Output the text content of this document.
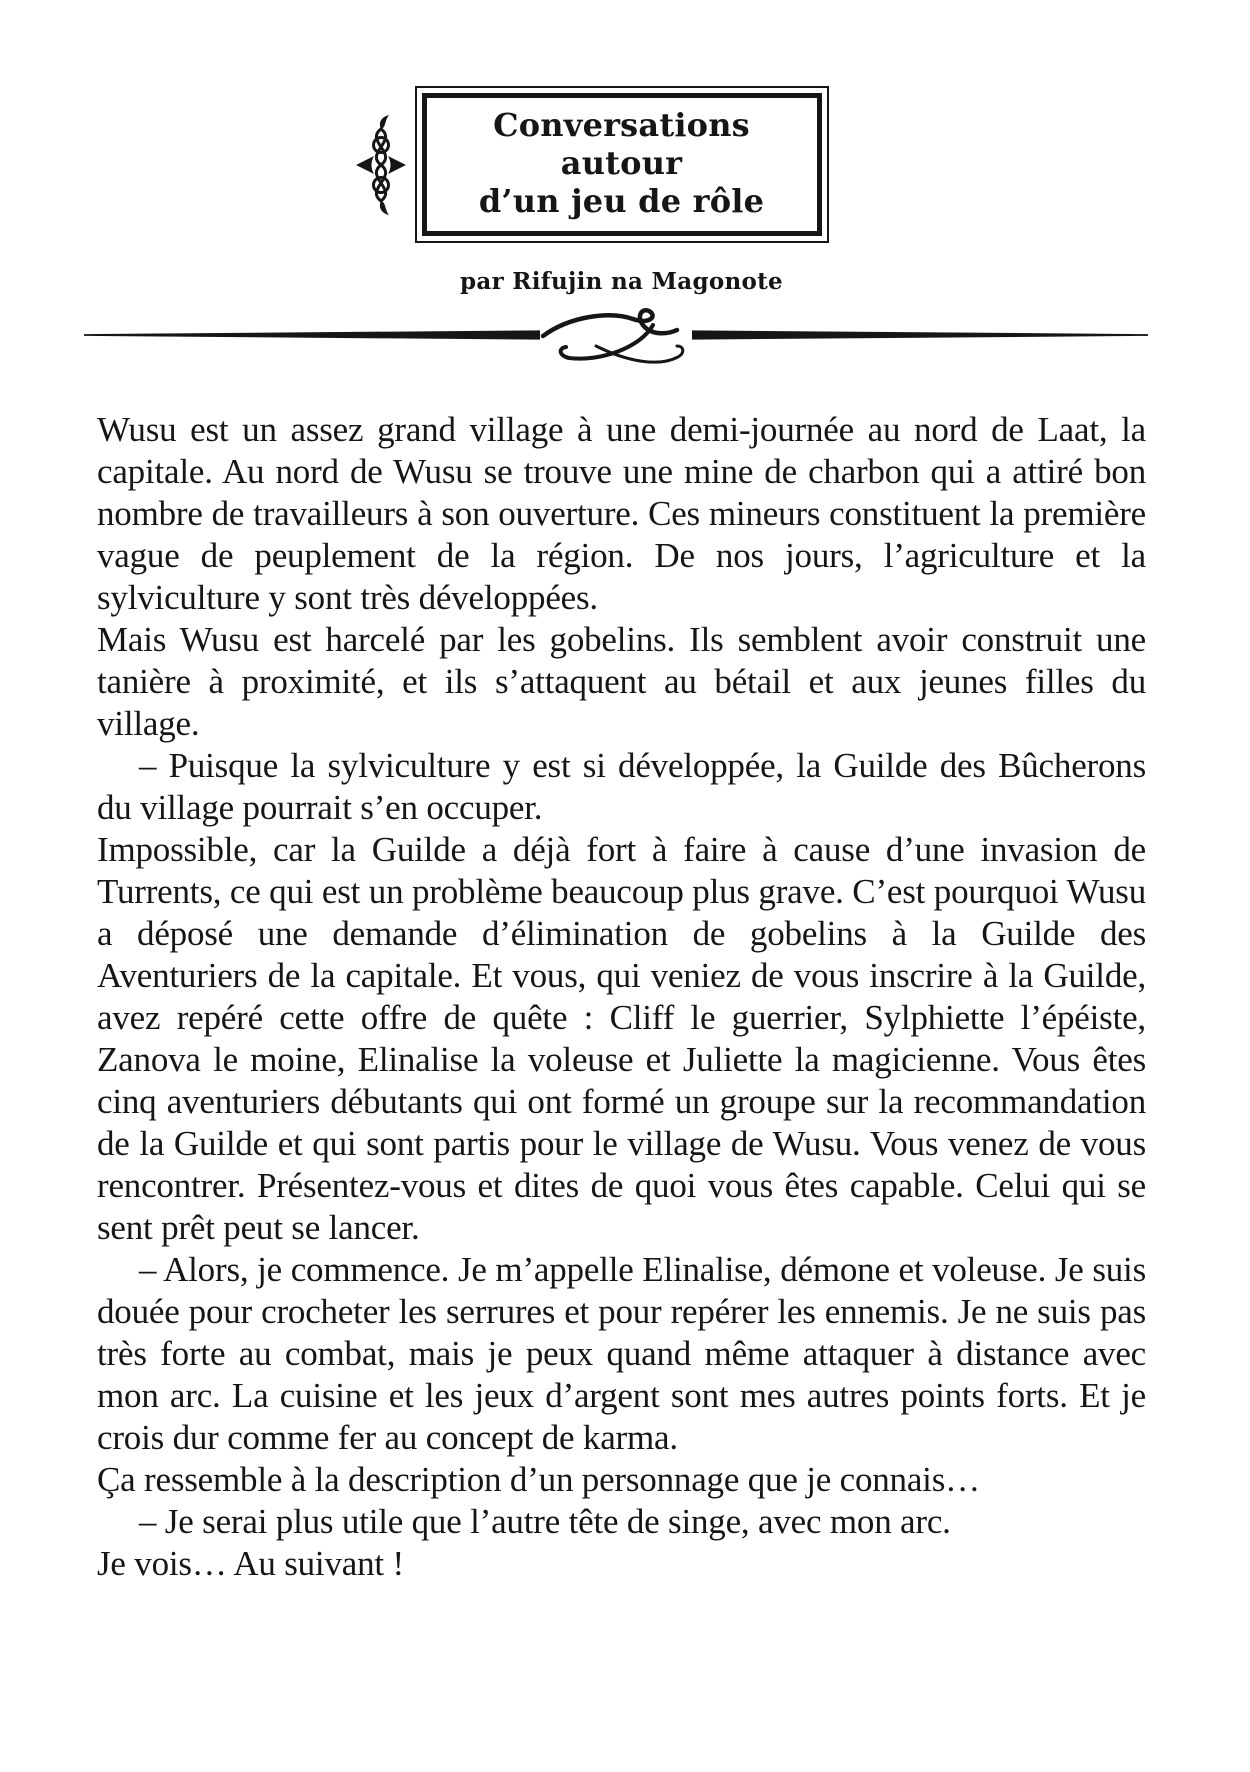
Conversations autour
d’un jeu de rôle
par Rifujin na Magonote

Wusu est un assez grand village à une demi-journée au nord de Laat, la capitale. Au nord de Wusu se trouve une mine de charbon qui a attiré bon nombre de travailleurs à son ouverture. Ces mineurs constituent la première vague de peuplement de la région. De nos jours, l’agriculture et la sylviculture y sont très développées.

Mais Wusu est harcelé par les gobelins. Ils semblent avoir construit une tanière à proximité, et ils s’attaquent au bétail et aux jeunes filles du village.

– Puisque la sylviculture y est si développée, la Guilde des Bûcherons du village pourrait s’en occuper.

Impossible, car la Guilde a déjà fort à faire à cause d’une invasion de Turrents, ce qui est un problème beaucoup plus grave. C’est pourquoi Wusu a déposé une demande d’élimination de gobelins à la Guilde des Aventuriers de la capitale. Et vous, qui veniez de vous inscrire à la Guilde, avez repéré cette offre de quête : Cliff le guerrier, Sylphiette l’épéiste, Zanova le moine, Elinalise la voleuse et Juliette la magicienne. Vous êtes cinq aventuriers débutants qui ont formé un groupe sur la recommandation de la Guilde et qui sont partis pour le village de Wusu. Vous venez de vous rencontrer. Présentez-vous et dites de quoi vous êtes capable. Celui qui se sent prêt peut se lancer.

– Alors, je commence. Je m’appelle Elinalise, démone et voleuse. Je suis douée pour crocheter les serrures et pour repérer les ennemis. Je ne suis pas très forte au combat, mais je peux quand même attaquer à distance avec mon arc. La cuisine et les jeux d’argent sont mes autres points forts. Et je crois dur comme fer au concept de karma.

Ça ressemble à la description d’un personnage que je connais…

– Je serai plus utile que l’autre tête de singe, avec mon arc.

Je vois… Au suivant !
